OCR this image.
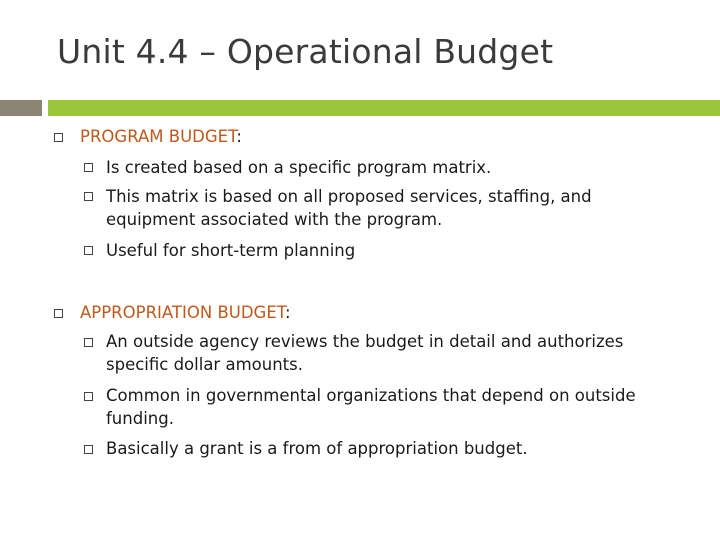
Unit 4.4 – Operational Budget
PROGRAM BUDGET:
Is created based on a specific program matrix.
This matrix is based on all proposed services, staffing, and
equipment associated with the program.
Useful for short-term planning
APPROPRIATION BUDGET:
An outside agency reviews the budget in detail and authorizes
specific dollar amounts.
Common in governmental organizations that depend on outside
funding.
Basically a grant is a from of appropriation budget.
